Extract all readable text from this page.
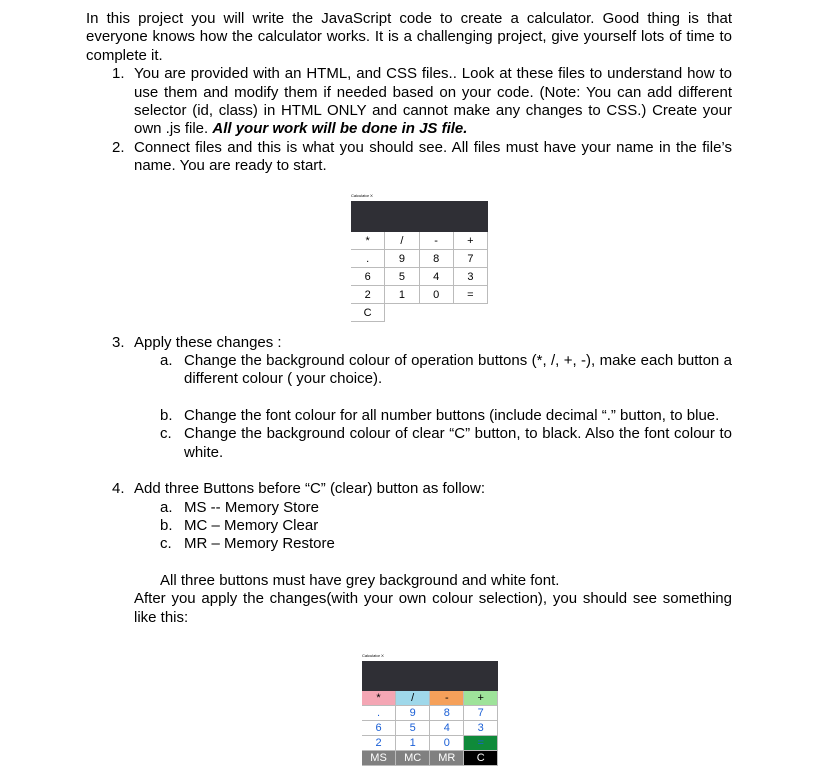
In this project you will write the JavaScript code to create a calculator. Good thing is that everyone knows how the calculator works. It is a challenging project, give yourself lots of time to complete it.

1. You are provided with an HTML, and CSS files.. Look at these files to understand how to use them and modify them if needed based on your code. (Note: You can add different selector (id, class) in HTML ONLY and cannot make any changes to CSS.) Create your own .js file. All your work will be done in JS file.
2. Connect files and this is what you should see. All files must have your name in the file’s name. You are ready to start.
3. Apply these changes :
a. Change the background colour of operation buttons (*, /, +, -), make each button a different colour ( your choice).
b. Change the font colour for all number buttons (include decimal “.” button, to blue.
c. Change the background colour of clear “C” button, to black. Also the font colour to white.
4. Add three Buttons before “C” (clear) button as follow:
a. MS -- Memory Store
b. MC – Memory Clear
c. MR – Memory Restore

All three buttons must have grey background and white font.

After you apply the changes(with your own colour selection), you should see something like this:

Calculator X
*	/	-	+
.	9	8	7
6	5	4	3
2	1	0	=
C			
Calculator X
*	/	-	+
.	9	8	7
6	5	4	3
2	1	0	=
MS	MC	MR	C
